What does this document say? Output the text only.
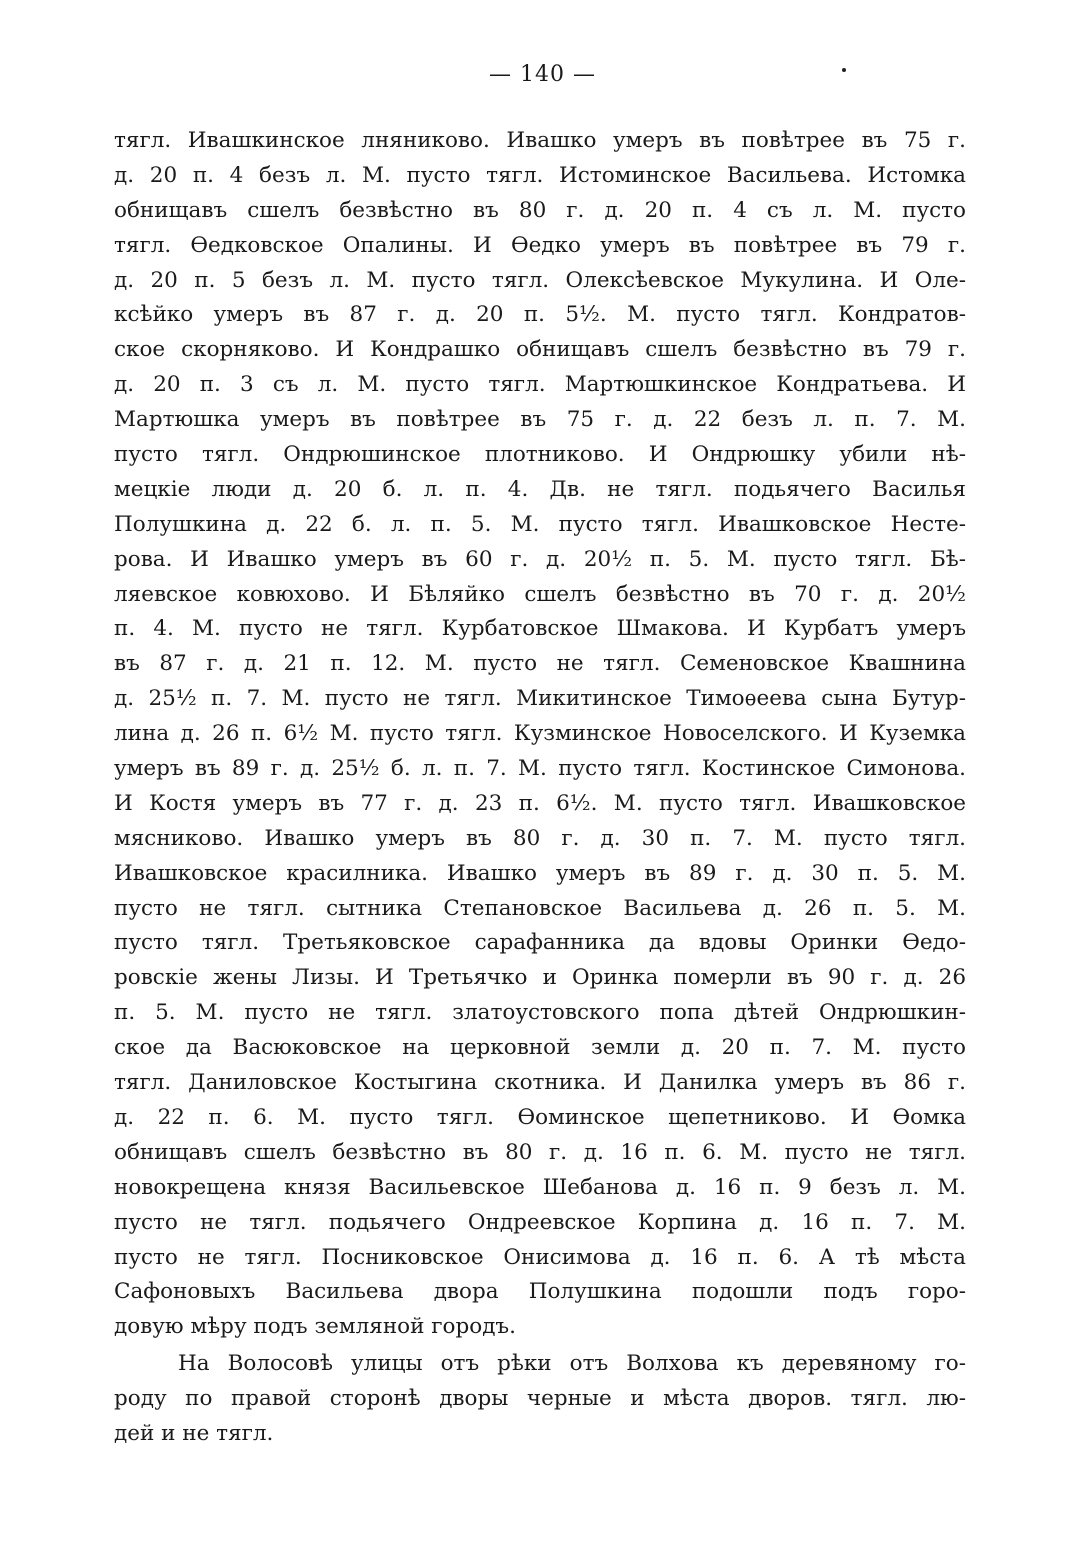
— 140 —
тягл. Ивашкинское лняниково. Ивашко умеръ въ повѣтрее въ 75 г.
д. 20 п. 4 безъ л. М. пусто тягл. Истоминское Васильева. Истомка
обнищавъ сшелъ безвѣстно въ 80 г. д. 20 п. 4 съ л. М. пусто
тягл. Өедковское Опалины. И Өедко умеръ въ повѣтрее въ 79 г.
д. 20 п. 5 безъ л. М. пусто тягл. Олексѣевское Мукулина. И Оле-
ксѣйко умеръ въ 87 г. д. 20 п. 5½. М. пусто тягл. Кондратов-
ское скорняково. И Кондрашко обнищавъ сшелъ безвѣстно въ 79 г.
д. 20 п. 3 съ л. М. пусто тягл. Мартюшкинское Кондратьева. И
Мартюшка умеръ въ повѣтрее въ 75 г. д. 22 безъ л. п. 7. М.
пусто тягл. Ондрюшинское плотниково. И Ондрюшку убили нѣ-
мецкіе люди д. 20 б. л. п. 4. Дв. не тягл. подьячего Василья
Полушкина д. 22 б. л. п. 5. М. пусто тягл. Ивашковское Несте-
рова. И Ивашко умеръ въ 60 г. д. 20½ п. 5. М. пусто тягл. Бѣ-
ляевское ковюхово. И Бѣляйко сшелъ безвѣстно въ 70 г. д. 20½
п. 4. М. пусто не тягл. Курбатовское Шмакова. И Курбатъ умеръ
въ 87 г. д. 21 п. 12. М. пусто не тягл. Семеновское Квашнина
д. 25½ п. 7. М. пусто не тягл. Микитинское Тимоѳеева сына Бутур-
лина д. 26 п. 6½ М. пусто тягл. Кузминское Новоселского. И Куземка
умеръ въ 89 г. д. 25½ б. л. п. 7. М. пусто тягл. Костинское Симонова.
И Костя умеръ въ 77 г. д. 23 п. 6½. М. пусто тягл. Ивашковское
мясниково. Ивашко умеръ въ 80 г. д. 30 п. 7. М. пусто тягл.
Ивашковское красилника. Ивашко умеръ въ 89 г. д. 30 п. 5. М.
пусто не тягл. сытника Степановское Васильева д. 26 п. 5. М.
пусто тягл. Третьяковское сарафанника да вдовы Оринки Өедо-
ровскіе жены Лизы. И Третьячко и Оринка померли въ 90 г. д. 26
п. 5. М. пусто не тягл. златоустовского попа дѣтей Ондрюшкин-
ское да Васюковское на церковной земли д. 20 п. 7. М. пусто
тягл. Даниловское Костыгина скотника. И Данилка умеръ въ 86 г.
д. 22 п. 6. М. пусто тягл. Өоминское щепетниково. И Өомка
обнищавъ сшелъ безвѣстно въ 80 г. д. 16 п. 6. М. пусто не тягл.
новокрещена князя Васильевское Шебанова д. 16 п. 9 безъ л. М.
пусто не тягл. подьячего Ондреевское Корпина д. 16 п. 7. М.
пусто не тягл. Посниковское Онисимова д. 16 п. 6. А тѣ мѣста
Сафоновыхъ Васильева двора Полушкина подошли подъ горо-
довую мѣру подъ земляной городъ.
На Волосовѣ улицы отъ рѣки отъ Волхова къ деревяному го-
роду по правой сторонѣ дворы черные и мѣста дворов. тягл. лю-
дей и не тягл.
